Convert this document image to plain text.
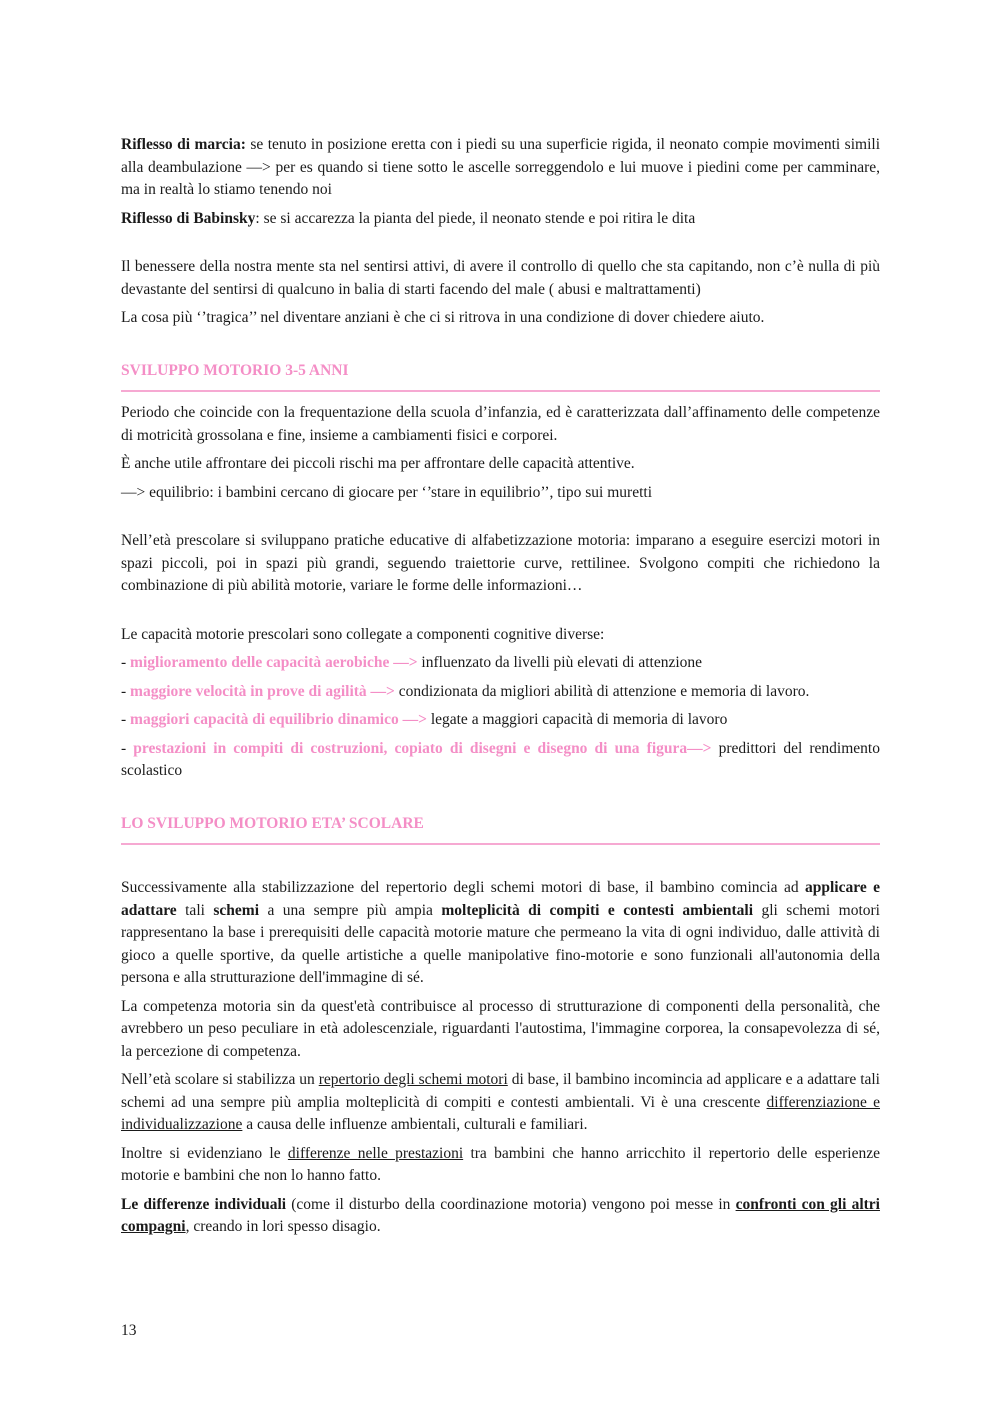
Riflesso di marcia: se tenuto in posizione eretta con i piedi su una superficie rigida, il neonato compie movimenti simili alla deambulazione —> per es quando si tiene sotto le ascelle sorreggendolo e lui muove i piedini come per camminare, ma in realtà lo stiamo tenendo noi

Riflesso di Babinsky: se si accarezza la pianta del piede, il neonato stende e poi ritira le dita

Il benessere della nostra mente sta nel sentirsi attivi, di avere il controllo di quello che sta capitando, non c’è nulla di più devastante del sentirsi di qualcuno in balia di starti facendo del male ( abusi e maltrattamenti)

La cosa più ‘’tragica’’ nel diventare anziani è che ci si ritrova in una condizione di dover chiedere aiuto.

SVILUPPO MOTORIO 3-5 ANNI

Periodo che coincide con la frequentazione della scuola d’infanzia, ed è caratterizzata dall’affinamento delle competenze di motricità grossolana e fine, insieme a cambiamenti fisici e corporei.

È anche utile affrontare dei piccoli rischi ma per affrontare delle capacità attentive.

—> equilibrio: i bambini cercano di giocare per ‘’stare in equilibrio’’, tipo sui muretti

Nell’età prescolare si sviluppano pratiche educative di alfabetizzazione motoria: imparano a eseguire esercizi motori in spazi piccoli, poi in spazi più grandi, seguendo traiettorie curve, rettilinee. Svolgono compiti che richiedono la combinazione di più abilità motorie, variare le forme delle informazioni…

Le capacità motorie prescolari sono collegate a componenti cognitive diverse:

- miglioramento delle capacità aerobiche —> influenzato da livelli più elevati di attenzione

- maggiore velocità in prove di agilità —> condizionata da migliori abilità di attenzione e memoria di lavoro.

- maggiori capacità di equilibrio dinamico —> legate a maggiori capacità di memoria di lavoro

- prestazioni in compiti di costruzioni, copiato di disegni e disegno di una figura—> predittori del rendimento scolastico

LO SVILUPPO MOTORIO ETA’ SCOLARE

Successivamente alla stabilizzazione del repertorio degli schemi motori di base, il bambino comincia ad applicare e adattare tali schemi a una sempre più ampia molteplicità di compiti e contesti ambientali gli schemi motori rappresentano la base i prerequisiti delle capacità motorie mature che permeano la vita di ogni individuo, dalle attività di gioco a quelle sportive, da quelle artistiche a quelle manipolative fino-motorie e sono funzionali all'autonomia della persona e alla strutturazione dell'immagine di sé.

La competenza motoria sin da quest'età contribuisce al processo di strutturazione di componenti della personalità, che avrebbero un peso peculiare in età adolescenziale, riguardanti l'autostima, l'immagine corporea, la consapevolezza di sé, la percezione di competenza.

Nell’età scolare si stabilizza un repertorio degli schemi motori di base, il bambino incomincia ad applicare e a adattare tali schemi ad una sempre più amplia molteplicità di compiti e contesti ambientali. Vi è una crescente differenziazione e individualizzazione a causa delle influenze ambientali, culturali e familiari.

Inoltre si evidenziano le differenze nelle prestazioni tra bambini che hanno arricchito il repertorio delle esperienze motorie e bambini che non lo hanno fatto.

Le differenze individuali (come il disturbo della coordinazione motoria) vengono poi messe in confronti con gli altri compagni, creando in lori spesso disagio.

13
